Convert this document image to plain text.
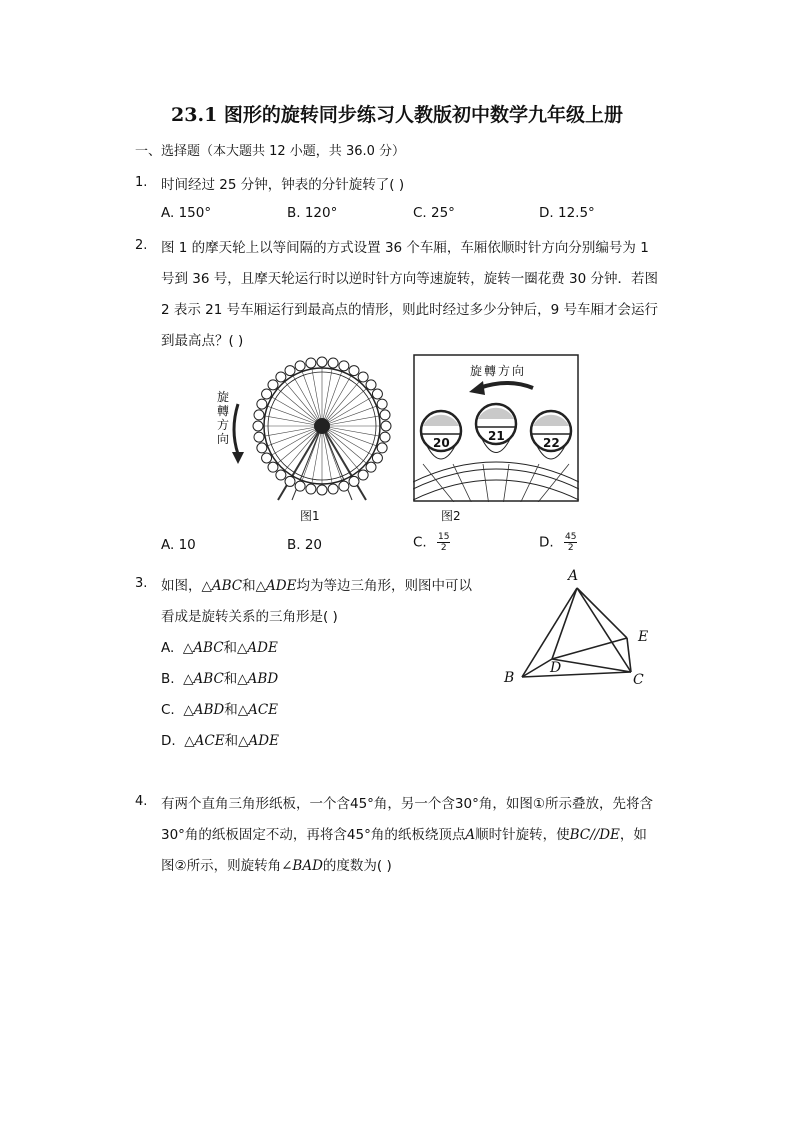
23.1 图形的旋转同步练习人教版初中数学九年级上册
一、选择题（本大题共 12 小题，共 36.0 分）
1. 时间经过 25 分钟，钟表的分针旋转了( )
A. 150°	B. 120°	C. 25°	D. 12.5°
2. 图 1 的摩天轮上以等间隔的方式设置 36 个车厢，车厢依顺时针方向分别编号为 1
号到 36 号，且摩天轮运行时以逆时针方向等速旋转，旋转一圈花费 30 分钟．若图
2 表示 21 号车厢运行到最高点的情形，则此时经过多少分钟后，9 号车厢才会运行
到最高点？( )
旋
轉
方
向
旋轉方向
20	21	22
图1	图2
A. 10	B. 20	C. $\frac{15}{2}$	D. $\frac{45}{2}$
3. 如图，△ABC和△ADE均为等边三角形，则图中可以
看成是旋转关系的三角形是( )
A. △ABC和△ADE
B. △ABC和△ABD
C. △ABD和△ACE
D. △ACE和△ADE
A
B	C
D
E
4. 有两个直角三角形纸板，一个含45°角，另一个含30°角，如图①所示叠放，先将含
30°角的纸板固定不动，再将含45°角的纸板绕顶点A顺时针旋转，使BC//DE，如
图②所示，则旋转角∠BAD的度数为( )
